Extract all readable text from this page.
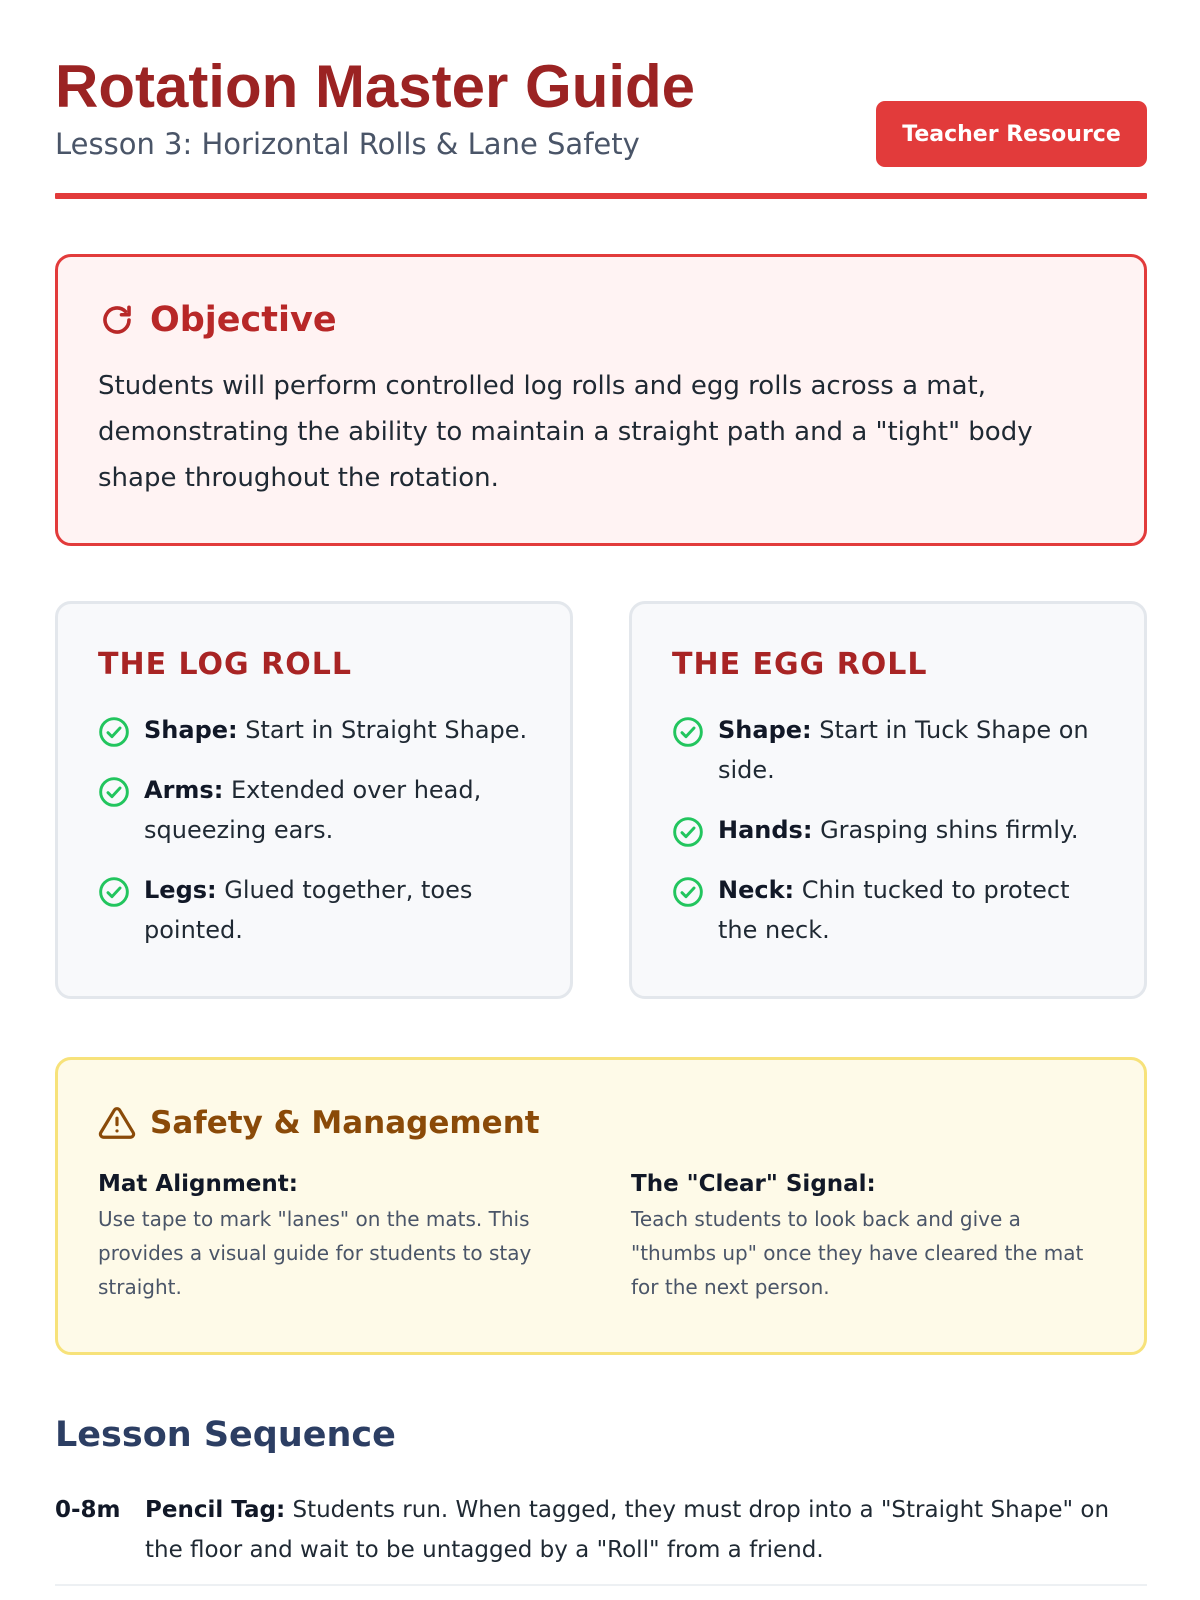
Rotation Master Guide
Lesson 3: Horizontal Rolls & Lane Safety	Teacher Resource
Objective

Students will perform controlled log rolls and egg rolls across a mat, demonstrating the ability to maintain a straight path and a "tight" body shape throughout the rotation.

THE LOG ROLL
Shape: Start in Straight Shape.
Arms: Extended over head, squeezing ears.
Legs: Glued together, toes pointed.
THE EGG ROLL
Shape: Start in Tuck Shape on side.
Hands: Grasping shins firmly.
Neck: Chin tucked to protect the neck.
Safety & Management
Mat Alignment:
Use tape to mark "lanes" on the mats. This provides a visual guide for students to stay straight.
The "Clear" Signal:
Teach students to look back and give a "thumbs up" once they have cleared the mat for the next person.
Lesson Sequence
0-8m	Pencil Tag: Students run. When tagged, they must drop into a "Straight Shape" on the floor and wait to be untagged by a "Roll" from a friend.
